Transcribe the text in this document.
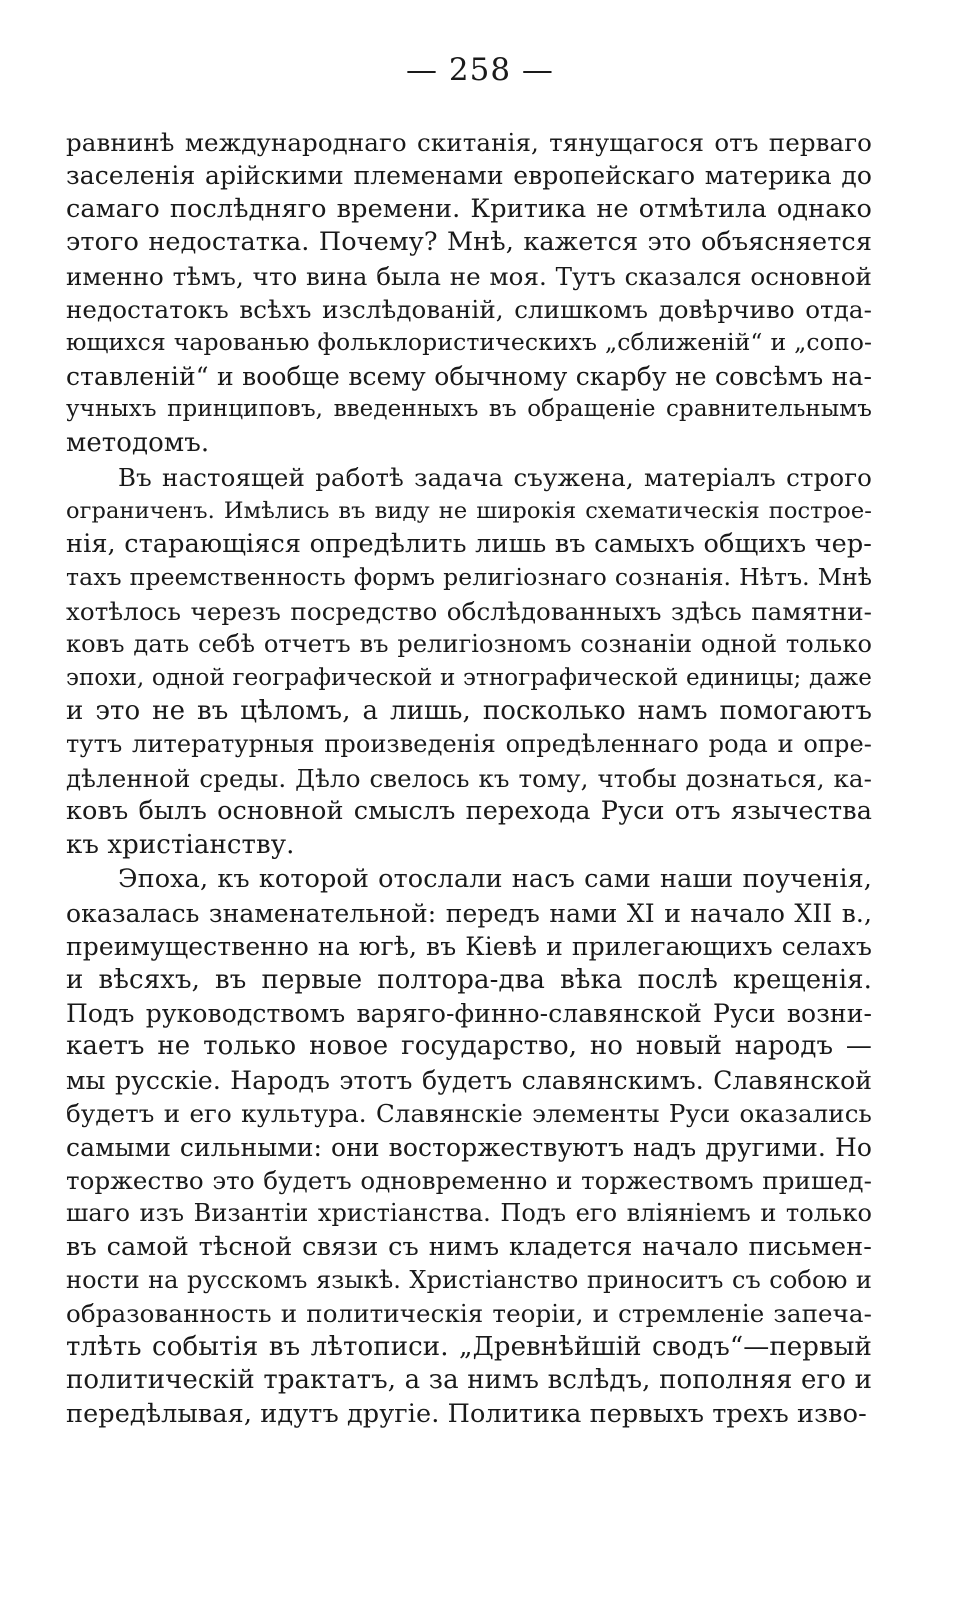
— 258 —
равнинѣ международнаго скитанія, тянущагося отъ перваго
заселенія арійскими племенами европейскаго материка до
самаго послѣдняго времени. Критика не отмѣтила однако
этого недостатка. Почему? Мнѣ, кажется это объясняется
именно тѣмъ, что вина была не моя. Тутъ сказался основной
недостатокъ всѣхъ изслѣдованій, слишкомъ довѣрчиво отда-
ющихся чарованью фольклористическихъ „сближеній“ и „сопо-
ставленій“ и вообще всему обычному скарбу не совсѣмъ на-
учныхъ принциповъ, введенныхъ въ обращеніе сравнительнымъ
методомъ.
Въ настоящей работѣ задача съужена, матеріалъ строго
ограниченъ. Имѣлись въ виду не широкія схематическія построе-
нія, старающіяся опредѣлить лишь въ самыхъ общихъ чер-
тахъ преемственность формъ религіознаго сознанія. Нѣтъ. Мнѣ
хотѣлось черезъ посредство обслѣдованныхъ здѣсь памятни-
ковъ дать себѣ отчетъ въ религіозномъ сознаніи одной только
эпохи, одной географической и этнографической единицы; даже
и это не въ цѣломъ, а лишь, посколько намъ помогаютъ
тутъ литературныя произведенія опредѣленнаго рода и опре-
дѣленной среды. Дѣло свелось къ тому, чтобы дознаться, ка-
ковъ былъ основной смыслъ перехода Руси отъ язычества
къ христіанству.
Эпоха, къ которой отослали насъ сами наши поученія,
оказалась знаменательной: передъ нами XI и начало XII в.,
преимущественно на югѣ, въ Кіевѣ и прилегающихъ селахъ
и вѣсяхъ, въ первые полтора-два вѣка послѣ крещенія.
Подъ руководствомъ варяго-финно-славянской Руси возни-
каетъ не только новое государство, но новый народъ —
мы русскіе. Народъ этотъ будетъ славянскимъ. Славянской
будетъ и его культура. Славянскіе элементы Руси оказались
самыми сильными: они восторжествуютъ надъ другими. Но
торжество это будетъ одновременно и торжествомъ пришед-
шаго изъ Византіи христіанства. Подъ его вліяніемъ и только
въ самой тѣсной связи съ нимъ кладется начало письмен-
ности на русскомъ языкѣ. Христіанство приноситъ съ собою и
образованность и политическія теоріи, и стремленіе запеча-
тлѣть событія въ лѣтописи. „Древнѣйшій сводъ“—первый
политическій трактатъ, а за нимъ вслѣдъ, пополняя его и
передѣлывая, идутъ другіе. Политика первыхъ трехъ изво-
